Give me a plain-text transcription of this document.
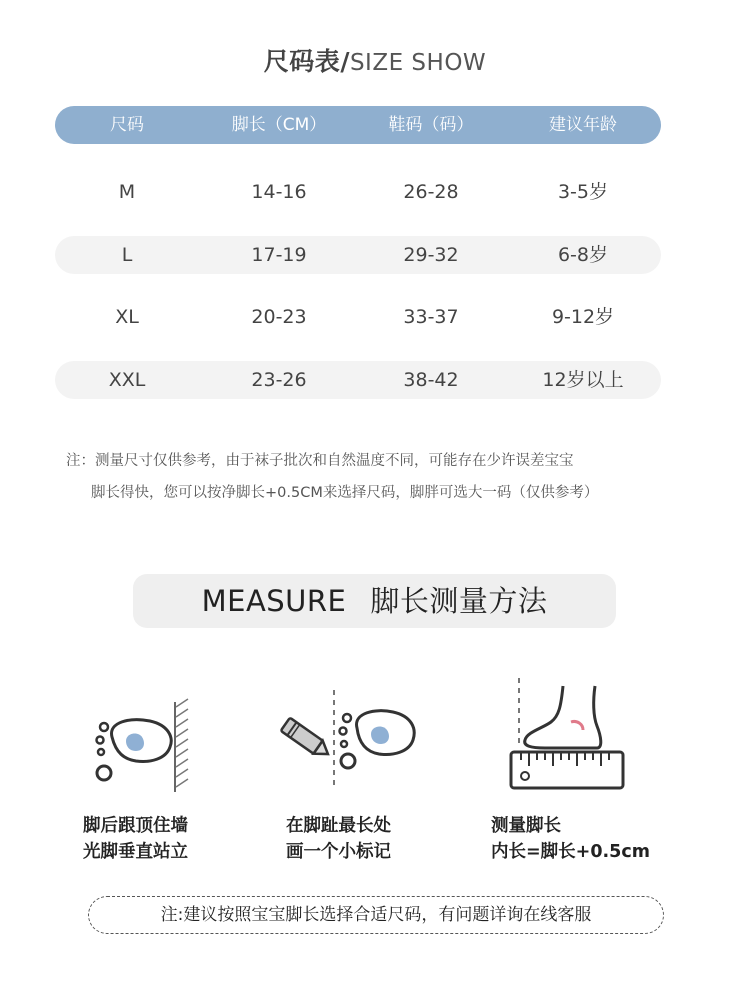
尺码表/SIZE SHOW
尺码	脚长（CM）	鞋码（码）	建议年龄
M	14-16	26-28	3-5岁
L	17-19	29-32	6-8岁
XL	20-23	33-37	9-12岁
XXL	23-26	38-42	12岁以上
注：测量尺寸仅供参考，由于袜子批次和自然温度不同，可能存在少许误差宝宝
脚长得快，您可以按净脚长+0.5CM来选择尺码，脚胖可选大一码（仅供参考）
MEASURE 脚长测量方法
脚后跟顶住墙
光脚垂直站立
在脚趾最长处
画一个小标记
测量脚长
内长=脚长+0.5cm
注:建议按照宝宝脚长选择合适尺码，有问题详询在线客服
